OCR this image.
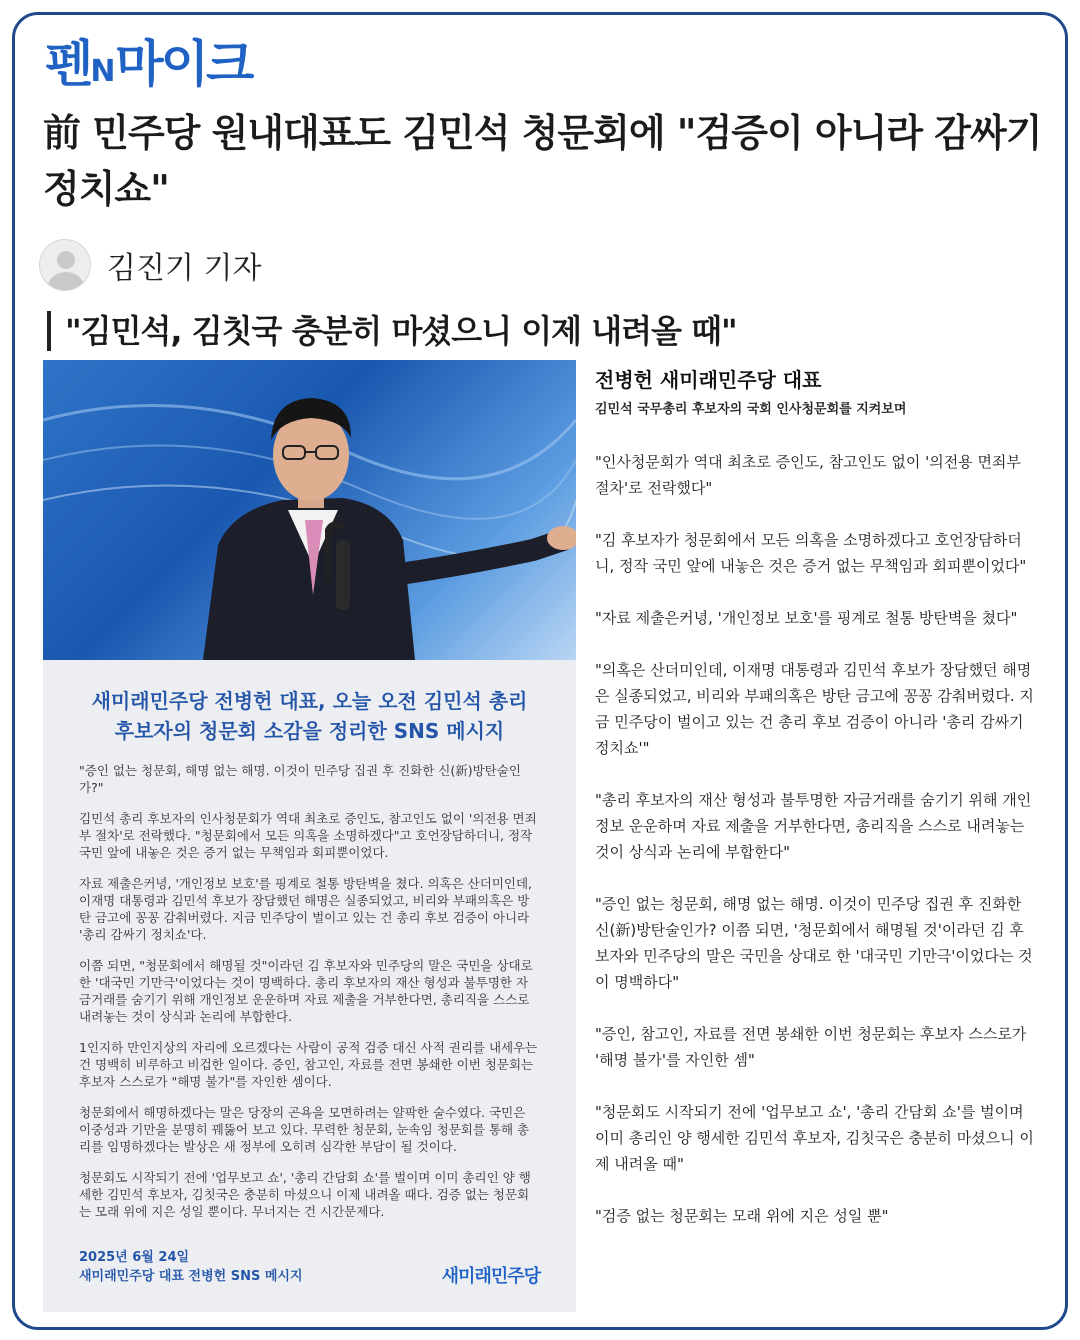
펜N마이크
前 민주당 원내대표도 김민석 청문회에 "검증이 아니라 감싸기 정치쇼"
김진기 기자
"김민석, 김칫국 충분히 마셨으니 이제 내려올 때"
새미래민주당 전병헌 대표, 오늘 오전 김민석 총리 후보자의 청문회 소감을 정리한 SNS 메시지

"증인 없는 청문회, 해명 없는 해명. 이것이 민주당 집권 후 진화한 신(新)방탄술인가?"

김민석 총리 후보자의 인사청문회가 역대 최초로 증인도, 참고인도 없이 '의전용 면죄부 절차'로 전락했다. "청문회에서 모든 의혹을 소명하겠다"고 호언장담하더니, 정작 국민 앞에 내놓은 것은 증거 없는 무책임과 회피뿐이었다.

자료 제출은커녕, '개인정보 보호'를 핑계로 철통 방탄벽을 쳤다. 의혹은 산더미인데, 이재명 대통령과 김민석 후보가 장담했던 해명은 실종되었고, 비리와 부패의혹은 방탄 금고에 꽁꽁 감춰버렸다. 지금 민주당이 벌이고 있는 건 총리 후보 검증이 아니라 '총리 감싸기 정치쇼'다.

이쯤 되면, "청문회에서 해명될 것"이라던 김 후보자와 민주당의 말은 국민을 상대로 한 '대국민 기만극'이었다는 것이 명백하다. 총리 후보자의 재산 형성과 불투명한 자금거래를 숨기기 위해 개인정보 운운하며 자료 제출을 거부한다면, 총리직을 스스로 내려놓는 것이 상식과 논리에 부합한다.

1인지하 만인지상의 자리에 오르겠다는 사람이 공적 검증 대신 사적 권리를 내세우는 건 명백히 비루하고 비겁한 일이다. 증인, 참고인, 자료를 전면 봉쇄한 이번 청문회는 후보자 스스로가 "해명 불가"를 자인한 셈이다.

청문회에서 해명하겠다는 말은 당장의 곤욕을 모면하려는 얄팍한 술수였다. 국민은 이중성과 기만을 분명히 꿰뚫어 보고 있다. 무력한 청문회, 눈속임 청문회를 통해 총리를 임명하겠다는 발상은 새 정부에 오히려 심각한 부담이 될 것이다.

청문회도 시작되기 전에 '업무보고 쇼', '총리 간담회 쇼'를 벌이며 이미 총리인 양 행세한 김민석 후보자, 김칫국은 충분히 마셨으니 이제 내려올 때다. 검증 없는 청문회는 모래 위에 지은 성일 뿐이다. 무너지는 건 시간문제다.

2025년 6월 24일
새미래민주당 대표 전병헌 SNS 메시지	새미래민주당
전병헌 새미래민주당 대표
김민석 국무총리 후보자의 국회 인사청문회를 지켜보며

"인사청문회가 역대 최초로 증인도, 참고인도 없이 '의전용 면죄부 절차'로 전락했다"

"김 후보자가 청문회에서 모든 의혹을 소명하겠다고 호언장담하더니, 정작 국민 앞에 내놓은 것은 증거 없는 무책임과 회피뿐이었다"

"자료 제출은커녕, '개인정보 보호'를 핑계로 철통 방탄벽을 쳤다"

"의혹은 산더미인데, 이재명 대통령과 김민석 후보가 장담했던 해명은 실종되었고, 비리와 부패의혹은 방탄 금고에 꽁꽁 감춰버렸다. 지금 민주당이 벌이고 있는 건 총리 후보 검증이 아니라 '총리 감싸기 정치쇼'"

"총리 후보자의 재산 형성과 불투명한 자금거래를 숨기기 위해 개인정보 운운하며 자료 제출을 거부한다면, 총리직을 스스로 내려놓는 것이 상식과 논리에 부합한다"

"증인 없는 청문회, 해명 없는 해명. 이것이 민주당 집권 후 진화한 신(新)방탄술인가? 이쯤 되면, '청문회에서 해명될 것'이라던 김 후보자와 민주당의 말은 국민을 상대로 한 '대국민 기만극'이었다는 것이 명백하다"

"증인, 참고인, 자료를 전면 봉쇄한 이번 청문회는 후보자 스스로가 '해명 불가'를 자인한 셈"

"청문회도 시작되기 전에 '업무보고 쇼', '총리 간담회 쇼'를 벌이며 이미 총리인 양 행세한 김민석 후보자, 김칫국은 충분히 마셨으니 이제 내려올 때"

"검증 없는 청문회는 모래 위에 지은 성일 뿐"
